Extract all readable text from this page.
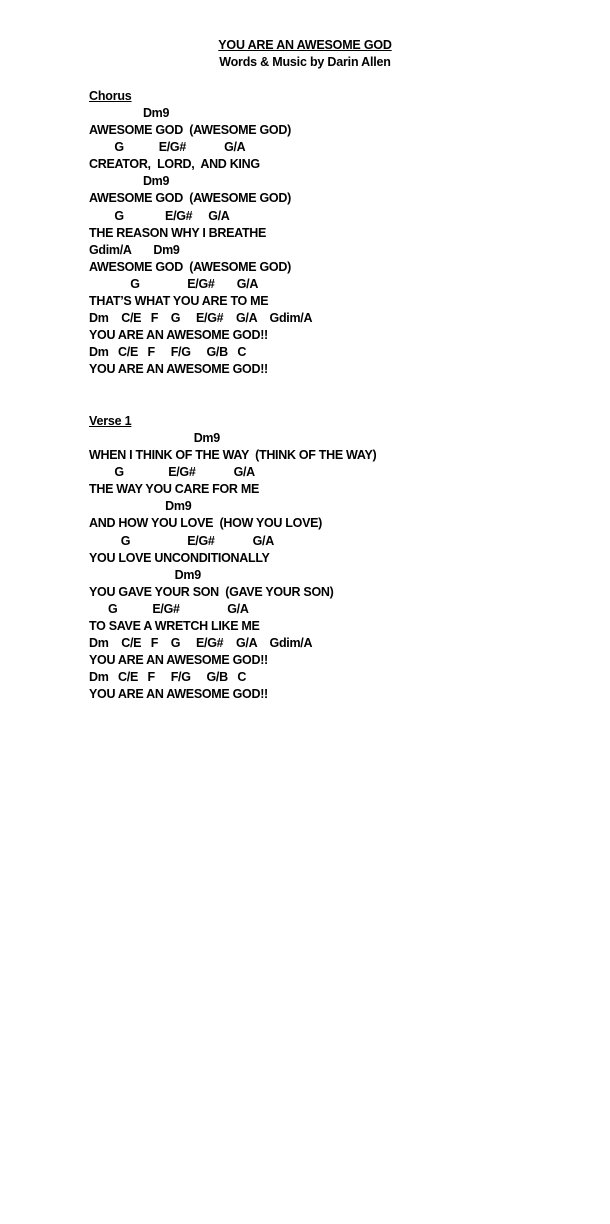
YOU ARE AN AWESOME GOD
Words & Music by Darin Allen
Chorus
Dm9
AWESOME GOD  (AWESOME GOD)
G           E/G#            G/A
CREATOR,  LORD,  AND KING
Dm9
AWESOME GOD  (AWESOME GOD)
G             E/G#     G/A
THE REASON WHY I BREATHE
Gdim/A       Dm9
AWESOME GOD  (AWESOME GOD)
G               E/G#       G/A
THAT’S WHAT YOU ARE TO ME
Dm    C/E   F    G     E/G#    G/A    Gdim/A
YOU ARE AN AWESOME GOD!!
Dm   C/E   F     F/G     G/B   C
YOU ARE AN AWESOME GOD!!
Verse 1
Dm9
WHEN I THINK OF THE WAY  (THINK OF THE WAY)
G              E/G#            G/A
THE WAY YOU CARE FOR ME
Dm9
AND HOW YOU LOVE  (HOW YOU LOVE)
G                  E/G#            G/A
YOU LOVE UNCONDITIONALLY
Dm9
YOU GAVE YOUR SON  (GAVE YOUR SON)
G           E/G#               G/A
TO SAVE A WRETCH LIKE ME
Dm    C/E   F    G     E/G#    G/A    Gdim/A
YOU ARE AN AWESOME GOD!!
Dm   C/E   F     F/G     G/B   C
YOU ARE AN AWESOME GOD!!
